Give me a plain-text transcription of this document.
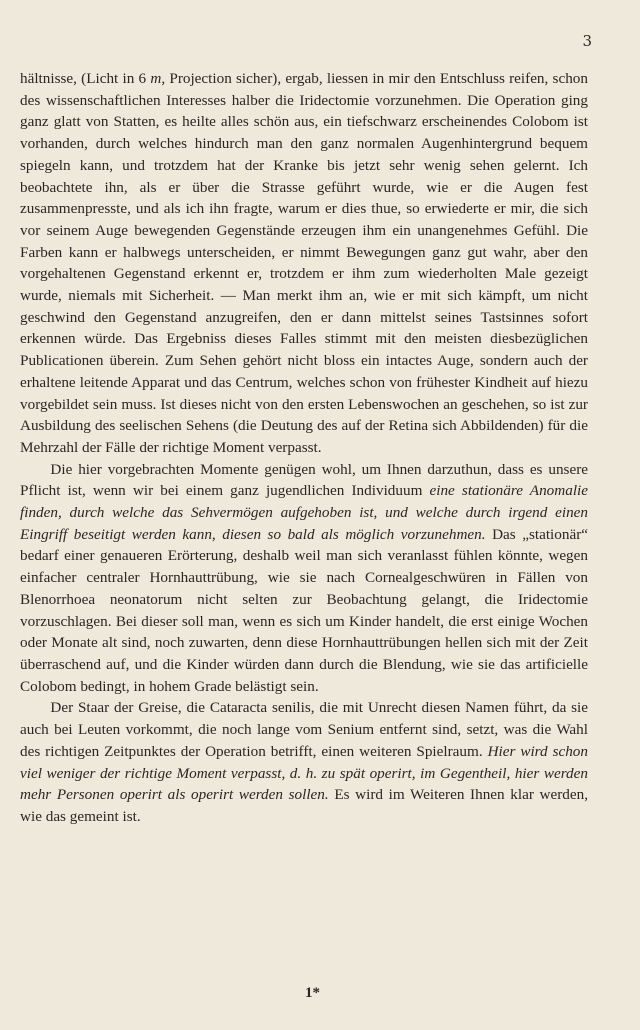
3

hältnisse, (Licht in 6 m, Projection sicher), ergab, liessen in mir den Entschluss reifen, schon des wissenschaftlichen Interesses halber die Iridectomie vorzunehmen. Die Operation ging ganz glatt von Statten, es heilte alles schön aus, ein tiefschwarz erscheinendes Colobom ist vorhanden, durch welches hindurch man den ganz normalen Augenhintergrund bequem spiegeln kann, und trotzdem hat der Kranke bis jetzt sehr wenig sehen gelernt. Ich beobachtete ihn, als er über die Strasse geführt wurde, wie er die Augen fest zusammenpresste, und als ich ihn fragte, warum er dies thue, so erwiederte er mir, die sich vor seinem Auge bewegenden Gegenstände erzeugen ihm ein unangenehmes Gefühl. Die Farben kann er halbwegs unterscheiden, er nimmt Bewegungen ganz gut wahr, aber den vorgehaltenen Gegenstand erkennt er, trotzdem er ihm zum wiederholten Male gezeigt wurde, niemals mit Sicherheit. — Man merkt ihm an, wie er mit sich kämpft, um nicht geschwind den Gegenstand anzugreifen, den er dann mittelst seines Tastsinnes sofort erkennen würde. Das Ergebniss dieses Falles stimmt mit den meisten diesbezüglichen Publicationen überein. Zum Sehen gehört nicht bloss ein intactes Auge, sondern auch der erhaltene leitende Apparat und das Centrum, welches schon von frühester Kindheit auf hiezu vorgebildet sein muss. Ist dieses nicht von den ersten Lebenswochen an geschehen, so ist zur Ausbildung des seelischen Sehens (die Deutung des auf der Retina sich Abbildenden) für die Mehrzahl der Fälle der richtige Moment verpasst.

Die hier vorgebrachten Momente genügen wohl, um Ihnen darzuthun, dass es unsere Pflicht ist, wenn wir bei einem ganz jugendlichen Individuum eine stationäre Anomalie finden, durch welche das Sehvermögen aufgehoben ist, und welche durch irgend einen Eingriff beseitigt werden kann, diesen so bald als möglich vorzunehmen. Das „stationär“ bedarf einer genaueren Erörterung, deshalb weil man sich veranlasst fühlen könnte, wegen einfacher centraler Hornhauttrübung, wie sie nach Cornealgeschwüren in Fällen von Blenorrhoea neonatorum nicht selten zur Beobachtung gelangt, die Iridectomie vorzuschlagen. Bei dieser soll man, wenn es sich um Kinder handelt, die erst einige Wochen oder Monate alt sind, noch zuwarten, denn diese Hornhauttrübungen hellen sich mit der Zeit überraschend auf, und die Kinder würden dann durch die Blendung, wie sie das artificielle Colobom bedingt, in hohem Grade belästigt sein.

Der Staar der Greise, die Cataracta senilis, die mit Unrecht diesen Namen führt, da sie auch bei Leuten vorkommt, die noch lange vom Senium entfernt sind, setzt, was die Wahl des richtigen Zeitpunktes der Operation betrifft, einen weiteren Spielraum. Hier wird schon viel weniger der richtige Moment verpasst, d. h. zu spät operirt, im Gegentheil, hier werden mehr Personen operirt als operirt werden sollen. Es wird im Weiteren Ihnen klar werden, wie das gemeint ist.

1*
